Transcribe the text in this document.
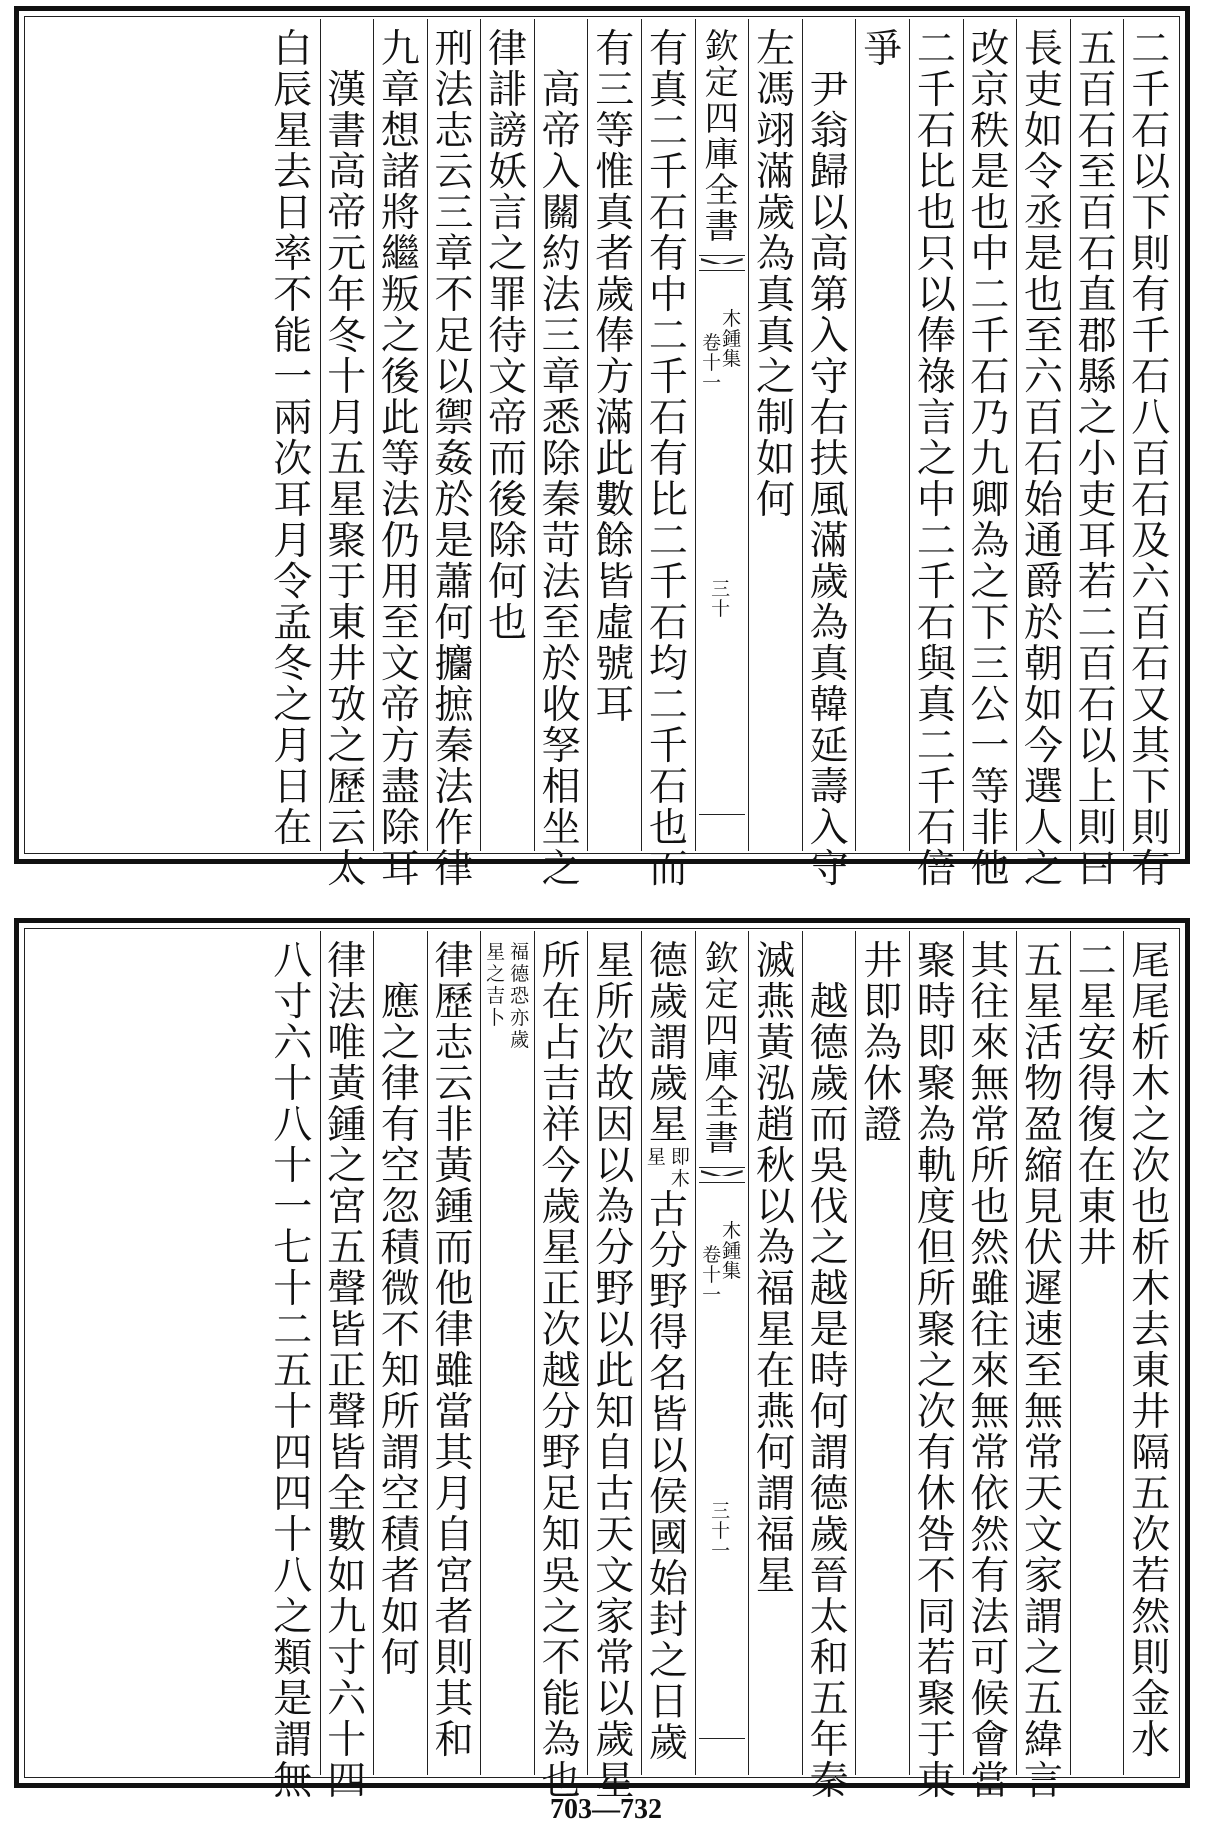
二
千
石
以
下
則
有
千
石
八
百
石
及
六
百
石
又
其
下
則
有
五
百
石
至
百
石
直
郡
縣
之
小
吏
耳
若
二
百
石
以
上
則
曰
長
吏
如
令
丞
是
也
至
六
百
石
始
通
爵
於
朝
如
今
選
人
之
改
京
秩
是
也
中
二
千
石
乃
九
卿
為
之
下
三
公
一
等
非
他
二
千
石
比
也
只
以
俸
祿
言
之
中
二
千
石
與
真
二
千
石
倍
爭
尹
翁
歸
以
高
第
入
守
右
扶
風
滿
歲
為
真
韓
延
壽
入
守
左
馮
翊
滿
歲
為
真
真
之
制
如
何
欽
定
四
庫
全
書
木
鍾
集
卷
十
一
三
十
有
真
二
千
石
有
中
二
千
石
有
比
二
千
石
均
二
千
石
也
而
有
三
等
惟
真
者
歲
俸
方
滿
此
數
餘
皆
虛
號
耳
高
帝
入
關
約
法
三
章
悉
除
秦
苛
法
至
於
收
孥
相
坐
之
律
誹
謗
妖
言
之
罪
待
文
帝
而
後
除
何
也
刑
法
志
云
三
章
不
足
以
禦
姦
於
是
蕭
何
攟
摭
秦
法
作
律
九
章
想
諸
將
繼
叛
之
後
此
等
法
仍
用
至
文
帝
方
盡
除
耳
漢
書
高
帝
元
年
冬
十
月
五
星
聚
于
東
井
攷
之
歷
云
太
白
辰
星
去
日
率
不
能
一
兩
次
耳
月
令
孟
冬
之
月
日
在
尾
尾
析
木
之
次
也
析
木
去
東
井
隔
五
次
若
然
則
金
水
二
星
安
得
復
在
東
井
五
星
活
物
盈
縮
見
伏
遲
速
至
無
常
天
文
家
謂
之
五
緯
言
其
往
來
無
常
所
也
然
雖
往
來
無
常
依
然
有
法
可
候
會
當
聚
時
即
聚
為
軌
度
但
所
聚
之
次
有
休
咎
不
同
若
聚
于
東
井
即
為
休
證
越
德
歲
而
吳
伐
之
越
是
時
何
謂
德
歲
晉
太
和
五
年
秦
滅
燕
黃
泓
趙
秋
以
為
福
星
在
燕
何
謂
福
星
欽
定
四
庫
全
書
木
鍾
集
卷
十
一
三
十
一
德
歲
謂
歲
星
即
木
星
古
分
野
得
名
皆
以
侯
國
始
封
之
日
歲
星
所
次
故
因
以
為
分
野
以
此
知
自
古
天
文
家
常
以
歲
星
所
在
占
吉
祥
今
歲
星
正
次
越
分
野
足
知
吳
之
不
能
為
也
福
德
恐
亦
歲
星
之
吉
卜
律
歷
志
云
非
黃
鍾
而
他
律
雖
當
其
月
自
宮
者
則
其
和
應
之
律
有
空
忽
積
微
不
知
所
謂
空
積
者
如
何
律
法
唯
黃
鍾
之
宮
五
聲
皆
正
聲
皆
全
數
如
九
寸
六
十
四
八
寸
六
十
八
十
一
七
十
二
五
十
四
四
十
八
之
類
是
謂
無
703—732
